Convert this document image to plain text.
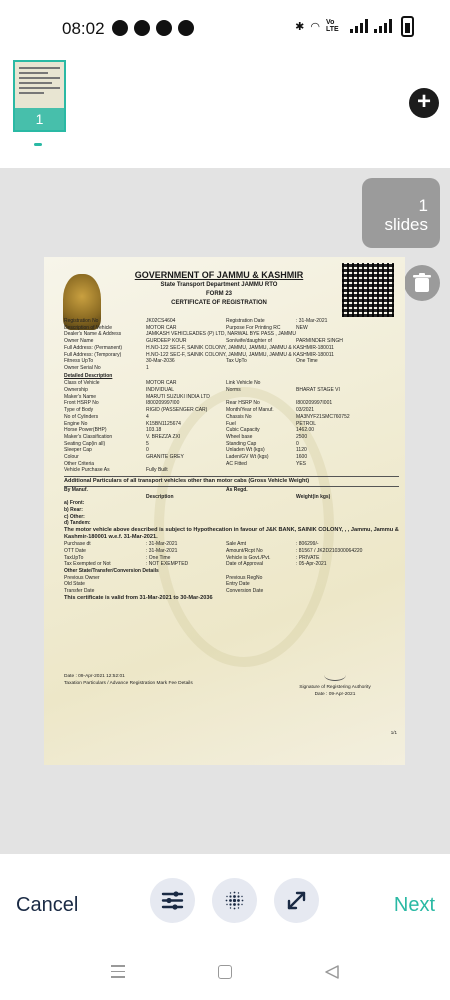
08:02	✱ ◠ Vo LTE
1
+
1
slides
GOVERNMENT OF JAMMU & KASHMIR
State Transport Department JAMMU RTO
FORM 23
CERTIFICATE OF REGISTRATION
Registration No	JK02CS4604	Registration Date	: 31-Mar-2021
Description of Vehicle	MOTOR CAR	Purpose For Printing RC	NEW
Dealer's Name & Address	JAMKASH VEHICLEADES (P) LTD, NARWAL BYE PASS , JAMMU
Owner Name	GURDEEP KOUR	Son/wife/daughter of	PARMINDER SINGH
Full Address: (Permanent)	H.NO-122 SEC-F, SAINIK COLONY, JAMMU, JAMMU, JAMMU & KASHMIR-180011
Full Address: (Temporary)	H.NO-122 SEC-F, SAINIK COLONY, JAMMU, JAMMU, JAMMU & KASHMIR-180011
Fitness UpTo	30-Mar-2036	Tax UpTo	One Time
Owner Serial No	1
Detailed Description
Class of Vehicle	MOTOR CAR	Link Vehicle No
Ownership	INDIVIDUAL	Norms	BHARAT STAGE VI
Maker's Name	MARUTI SUZUKI INDIA LTD
Front HSRP No	I800209997I00	Rear HSRP No	I800209997I001
Type of Body	RIGID (PASSENGER CAR)	Month/Year of Manuf.	03/2021
No of Cylinders	4	Chassis No	MA3NYF21SMC760752
Engine No	K15BN1125674	Fuel	PETROL
Horse Power(BHP)	103.18	Cubic Capacity	1462.00
Maker's Classification	V. BREZZA ZXI	Wheel base	2500
Seating Cap(in all)	5	Standing Cap	0
Sleeper Cap	0	Unladen Wt (kgs)	1120
Colour	GRANITE GREY	Laden/GV Wt (kgs)	1600
Other Criteria	AC Fitted	YES
Vehicle Purchase As	Fully Built
Additional Particulars of all transport vehicles other than motor cabs (Gross Vehicle Weight)
By Manuf.	As Regd.
Description	Weight(in kgs)
a) Front:
b) Rear:
c) Other:
d) Tandem:
The motor vehicle above described is subject to Hypothecation in favour of J&K BANK, SAINIK COLONY, , , Jammu, Jammu & Kashmir-180001 w.e.f. 31-Mar-2021.
Purchase dt	: 31-Mar-2021	Sale Amt	: 806299/-
OTT Date	: 31-Mar-2021	Amount/Rcpt No	: 81567 / JK2D210300064220
TaxUpTo	: One Time	Vehicle is Govt./Pvt.	: PRIVATE
Tax Exempted or Not	: NOT EXEMPTED	Date of Approval	: 05-Apr-2021
Other State/Transfer/Conversion Details
Previous Owner	Previous RegNo
Old State	Entry Date
Transfer Date	Conversion Date
This certificate is valid from 31-Mar-2021 to 30-Mar-2036
Date : 09-Apr-2021 12:52:01
Taxation Particulars / Advance Registration Mark Fee Details
Signature of Registering Authority
Date : 09-Apr-2021
1/1
Cancel	Next
